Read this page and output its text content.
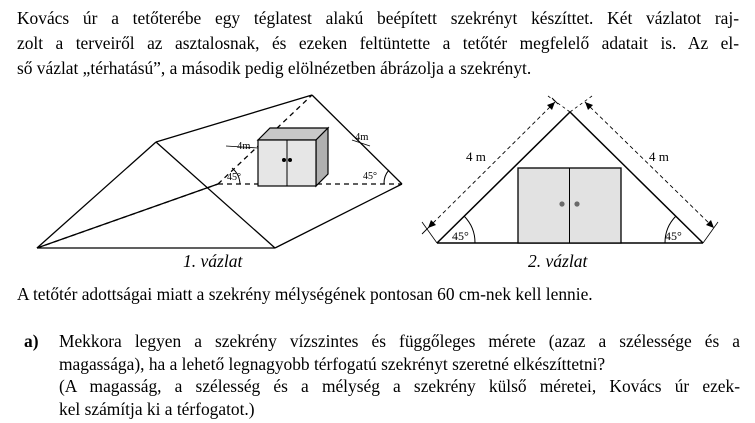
Kovács úr a tetőterébe egy téglatest alakú beépített szekrényt készíttet. Két vázlatot raj-
zolt a terveiről az asztalosnak, és ezeken feltüntette a tetőtér megfelelő adatait is. Az el-
ső vázlat „térhatású”, a második pedig elölnézetben ábrázolja a szekrényt.

4m
4m
45°	45°
4 m	4 m
45°	45°
1. vázlat	2. vázlat

A tetőtér adottságai miatt a szekrény mélységének pontosan 60 cm-nek kell lennie.

a) Mekkora legyen a szekrény vízszintes és függőleges mérete (azaz a szélessége és a
magassága), ha a lehető legnagyobb térfogatú szekrényt szeretné elkészíttetni?
(A magasság, a szélesség és a mélység a szekrény külső méretei, Kovács úr ezek-
kel számítja ki a térfogatot.)
